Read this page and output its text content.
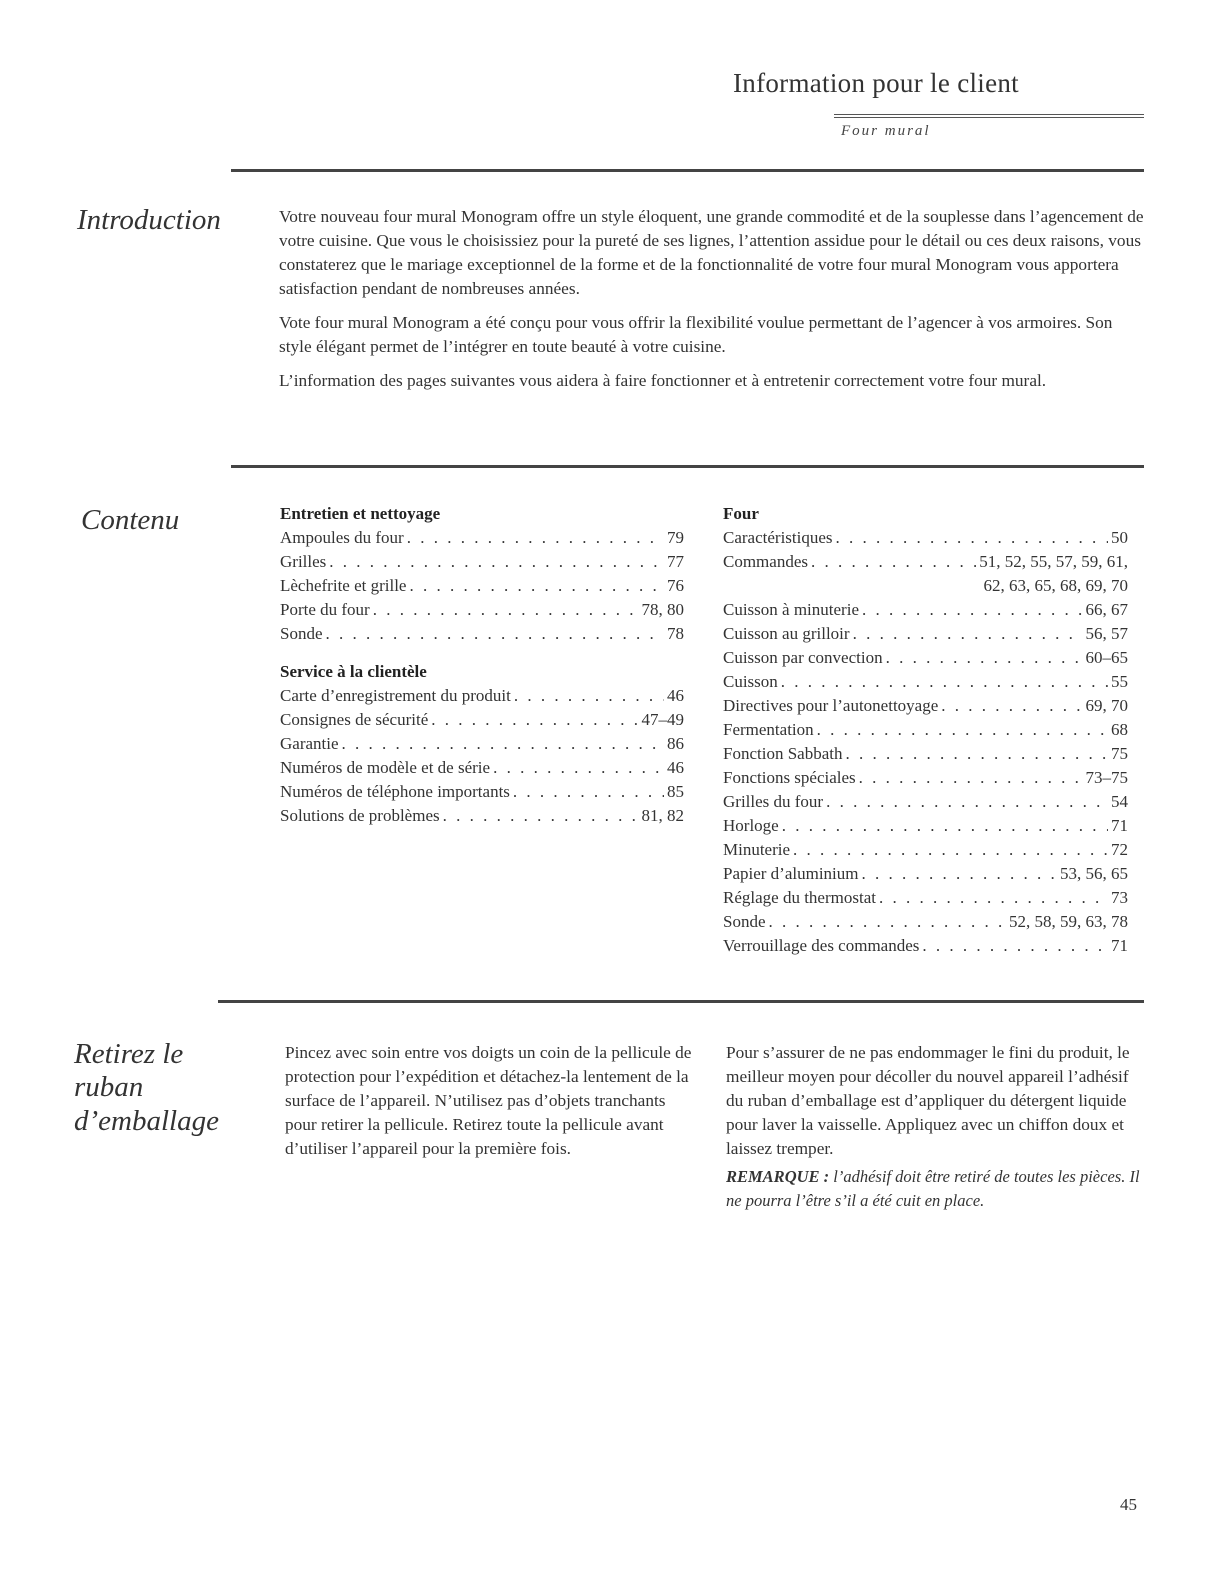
Information pour le client
Four mural
Introduction	Votre nouveau four mural Monogram offre un style éloquent, une grande commodité et de la souplesse dans l’agencement de votre cuisine. Que vous le choisissiez pour la pureté de ses lignes, l’attention assidue pour le détail ou ces deux raisons, vous constaterez que le mariage exceptionnel de la forme et de la fonctionnalité de votre four mural Monogram vous apportera satisfaction pendant de nombreuses années.

Vote four mural Monogram a été conçu pour vous offrir la flexibilité voulue permettant de l’agencer à vos armoires. Son style élégant permet de l’intégrer en toute beauté à votre cuisine.

L’information des pages suivantes vous aidera à faire fonctionner et à entretenir correctement votre four mural.

Contenu	Entretien et nettoyage
Ampoules du four . . .	79
Grilles . . .	77
Lèchefrite et grille . . .	76
Porte du four . . .	78, 80
Sonde . . .	78
Service à la clientèle
Carte d’enregistrement du produit . . .	46
Consignes de sécurité . . .	47–49
Garantie . . .	86
Numéros de modèle et de série . . .	46
Numéros de téléphone importants . . .	85
Solutions de problèmes . . .	81, 82
Four
Caractéristiques . . .	50
Commandes . . .	51, 52, 55, 57, 59, 61,
62, 63, 65, 68, 69, 70
Cuisson à minuterie . . .	66, 67
Cuisson au grilloir . . .	56, 57
Cuisson par convection . . .	60–65
Cuisson . . .	55
Directives pour l’autonettoyage . . .	69, 70
Fermentation . . .	68
Fonction Sabbath . . .	75
Fonctions spéciales . . .	73–75
Grilles du four . . .	54
Horloge . . .	71
Minuterie . . .	72
Papier d’aluminium . . .	53, 56, 65
Réglage du thermostat . . .	73
Sonde . . .	52, 58, 59, 63, 78
Verrouillage des commandes . . .	71
Retirez le ruban d’emballage
Pincez avec soin entre vos doigts un coin de la pellicule de protection pour l’expédition et détachez-la lentement de la surface de l’appareil. N’utilisez pas d’objets tranchants pour retirer la pellicule. Retirez toute la pellicule avant d’utiliser l’appareil pour la première fois.
Pour s’assurer de ne pas endommager le fini du produit, le meilleur moyen pour décoller du nouvel appareil l’adhésif du ruban d’emballage est d’appliquer du détergent liquide pour laver la vaisselle. Appliquez avec un chiffon doux et laissez tremper.
REMARQUE : l’adhésif doit être retiré de toutes les pièces. Il ne pourra l’être s’il a été cuit en place.
45
